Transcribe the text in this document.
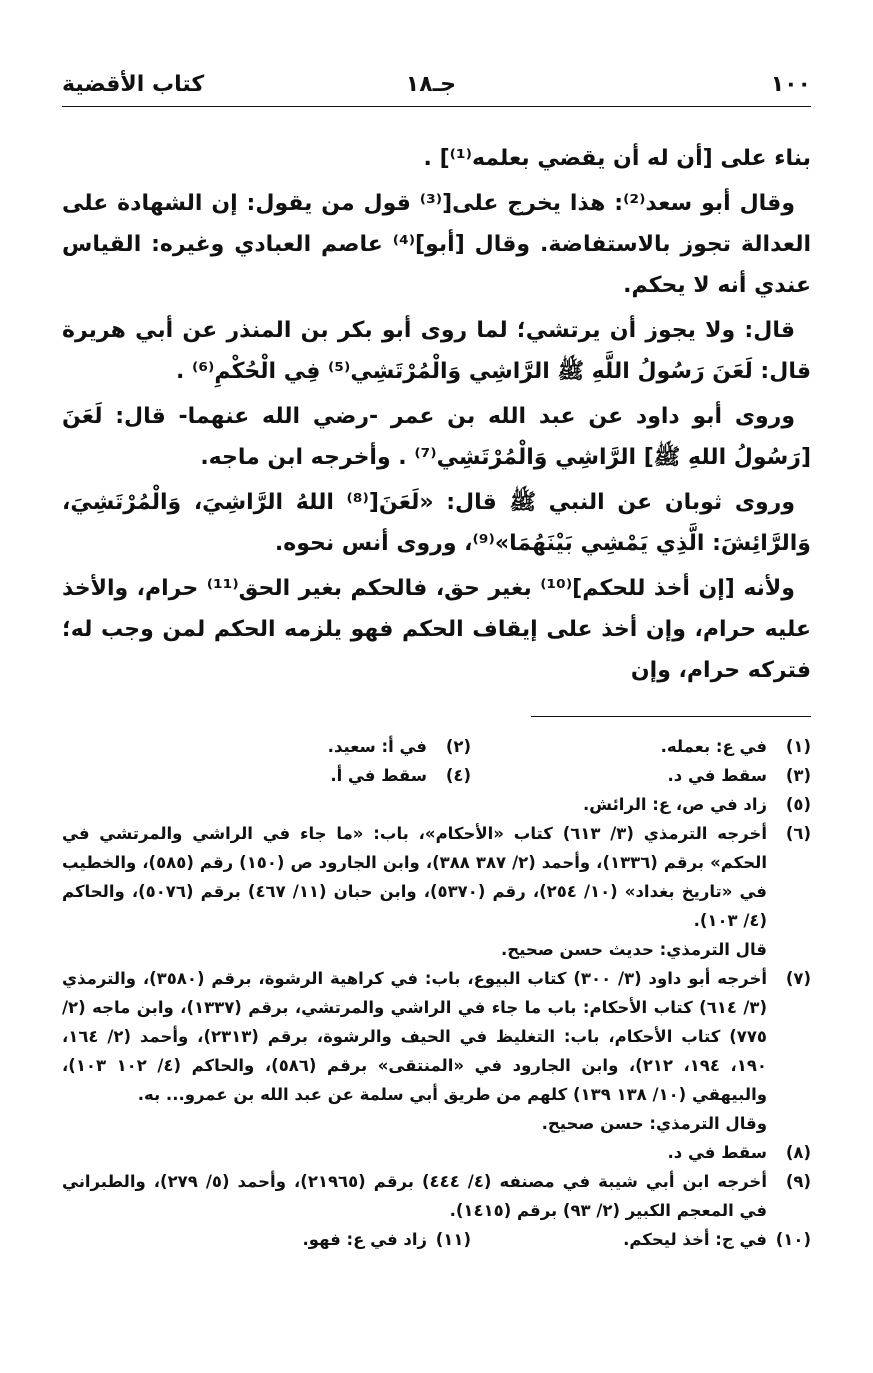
١٠٠
جـ١٨
كتاب الأقضية

بناء على [أن له أن يقضي بعلمه⁽¹⁾] .

وقال أبو سعد⁽²⁾: هذا يخرج على[⁽³⁾ قول من يقول: إن الشهادة على العدالة تجوز بالاستفاضة. وقال [أبو]⁽⁴⁾ عاصم العبادي وغيره: القياس عندي أنه لا يحكم.

قال: ولا يجوز أن يرتشي؛ لما روى أبو بكر بن المنذر عن أبي هريرة قال: لَعَنَ رَسُولُ اللَّهِ ﷺ الرَّاشِي وَالْمُرْتَشِي⁽⁵⁾ فِي الْحُكْمِ⁽⁶⁾ .

وروى أبو داود عن عبد الله بن عمر -رضي الله عنهما- قال: لَعَنَ [رَسُولُ اللهِ ﷺ] الرَّاشِي وَالْمُرْتَشِي⁽⁷⁾ . وأخرجه ابن ماجه.

وروى ثوبان عن النبي ﷺ قال: «لَعَنَ[⁽⁸⁾ اللهُ الرَّاشِيَ، وَالْمُرْتَشِيَ، وَالرَّائِشَ: الَّذِي يَمْشِي بَيْنَهُمَا»⁽⁹⁾، وروى أنس نحوه.

ولأنه [إن أخذ للحكم]⁽¹⁰⁾ بغير حق، فالحكم بغير الحق⁽¹¹⁾ حرام، والأخذ عليه حرام، وإن أخذ على إيقاف الحكم فهو يلزمه الحكم لمن وجب له؛ فتركه حرام، وإن

(١)
في ع: بعمله.
(٢)
في أ: سعيد.
(٣)
سقط في د.
(٤)
سقط في أ.
(٥)
زاد في ص، ع: الرائش.
(٦)
أخرجه الترمذي (٣/ ٦١٣) كتاب «الأحكام»، باب: «ما جاء في الراشي والمرتشي في الحكم» برقم (١٣٣٦)، وأحمد (٢/ ٣٨٧ ٣٨٨)، وابن الجارود ص (١٥٠) رقم (٥٨٥)، والخطيب في «تاريخ بغداد» (١٠/ ٢٥٤)، رقم (٥٣٧٠)، وابن حبان (١١/ ٤٦٧) برقم (٥٠٧٦)، والحاكم (٤/ ١٠٣).
قال الترمذي: حديث حسن صحيح.
(٧)
أخرجه أبو داود (٣/ ٣٠٠) كتاب البيوع، باب: في كراهية الرشوة، برقم (٣٥٨٠)، والترمذي (٣/ ٦١٤) كتاب الأحكام: باب ما جاء في الراشي والمرتشي، برقم (١٣٣٧)، وابن ماجه (٢/ ٧٧٥) كتاب الأحكام، باب: التغليظ في الحيف والرشوة، برقم (٢٣١٣)، وأحمد (٢/ ١٦٤، ١٩٠، ١٩٤، ٢١٢)، وابن الجارود في «المنتقى» برقم (٥٨٦)، والحاكم (٤/ ١٠٢ ١٠٣)، والبيهقي (١٠/ ١٣٨ ١٣٩) كلهم من طريق أبي سلمة عن عبد الله بن عمرو... به.
وقال الترمذي: حسن صحيح.
(٨)
سقط في د.
(٩)
أخرجه ابن أبي شيبة في مصنفه (٤/ ٤٤٤) برقم (٢١٩٦٥)، وأحمد (٥/ ٢٧٩)، والطبراني في المعجم الكبير (٢/ ٩٣) برقم (١٤١٥).
(١٠)
في ج: أخذ ليحكم.
(١١)
زاد في ع: فهو.
